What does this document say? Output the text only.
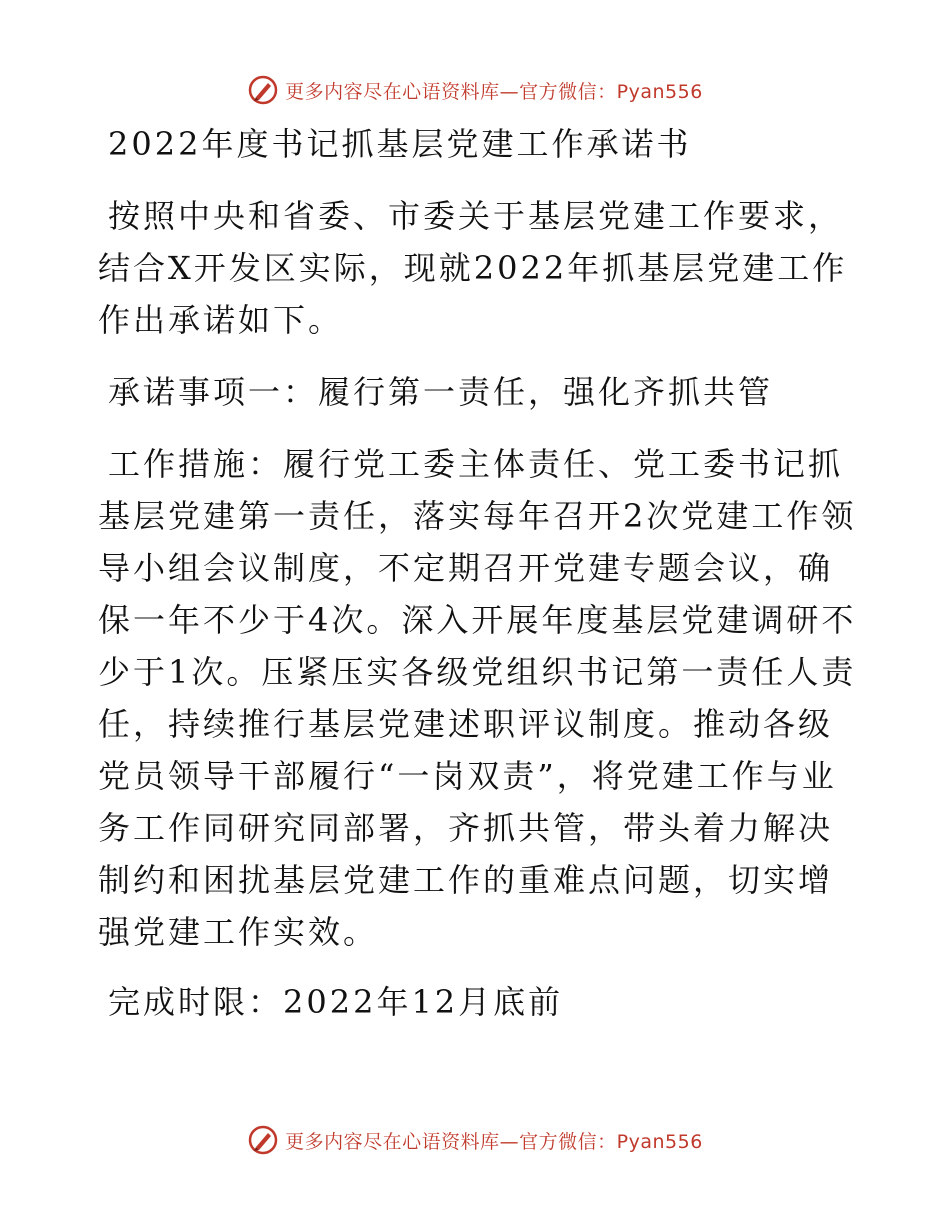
更多内容尽在心语资料库—官方微信：Pyan556

2022年度书记抓基层党建工作承诺书

按照中央和省委、市委关于基层党建工作要求，结合X开发区实际，现就2022年抓基层党建工作作出承诺如下。

承诺事项一：履行第一责任，强化齐抓共管

工作措施：履行党工委主体责任、党工委书记抓基层党建第一责任，落实每年召开2次党建工作领导小组会议制度，不定期召开党建专题会议，确保一年不少于4次。深入开展年度基层党建调研不少于1次。压紧压实各级党组织书记第一责任人责任，持续推行基层党建述职评议制度。推动各级党员领导干部履行“一岗双责”，将党建工作与业务工作同研究同部署，齐抓共管，带头着力解决制约和困扰基层党建工作的重难点问题，切实增强党建工作实效。

完成时限：2022年12月底前

更多内容尽在心语资料库—官方微信：Pyan556
